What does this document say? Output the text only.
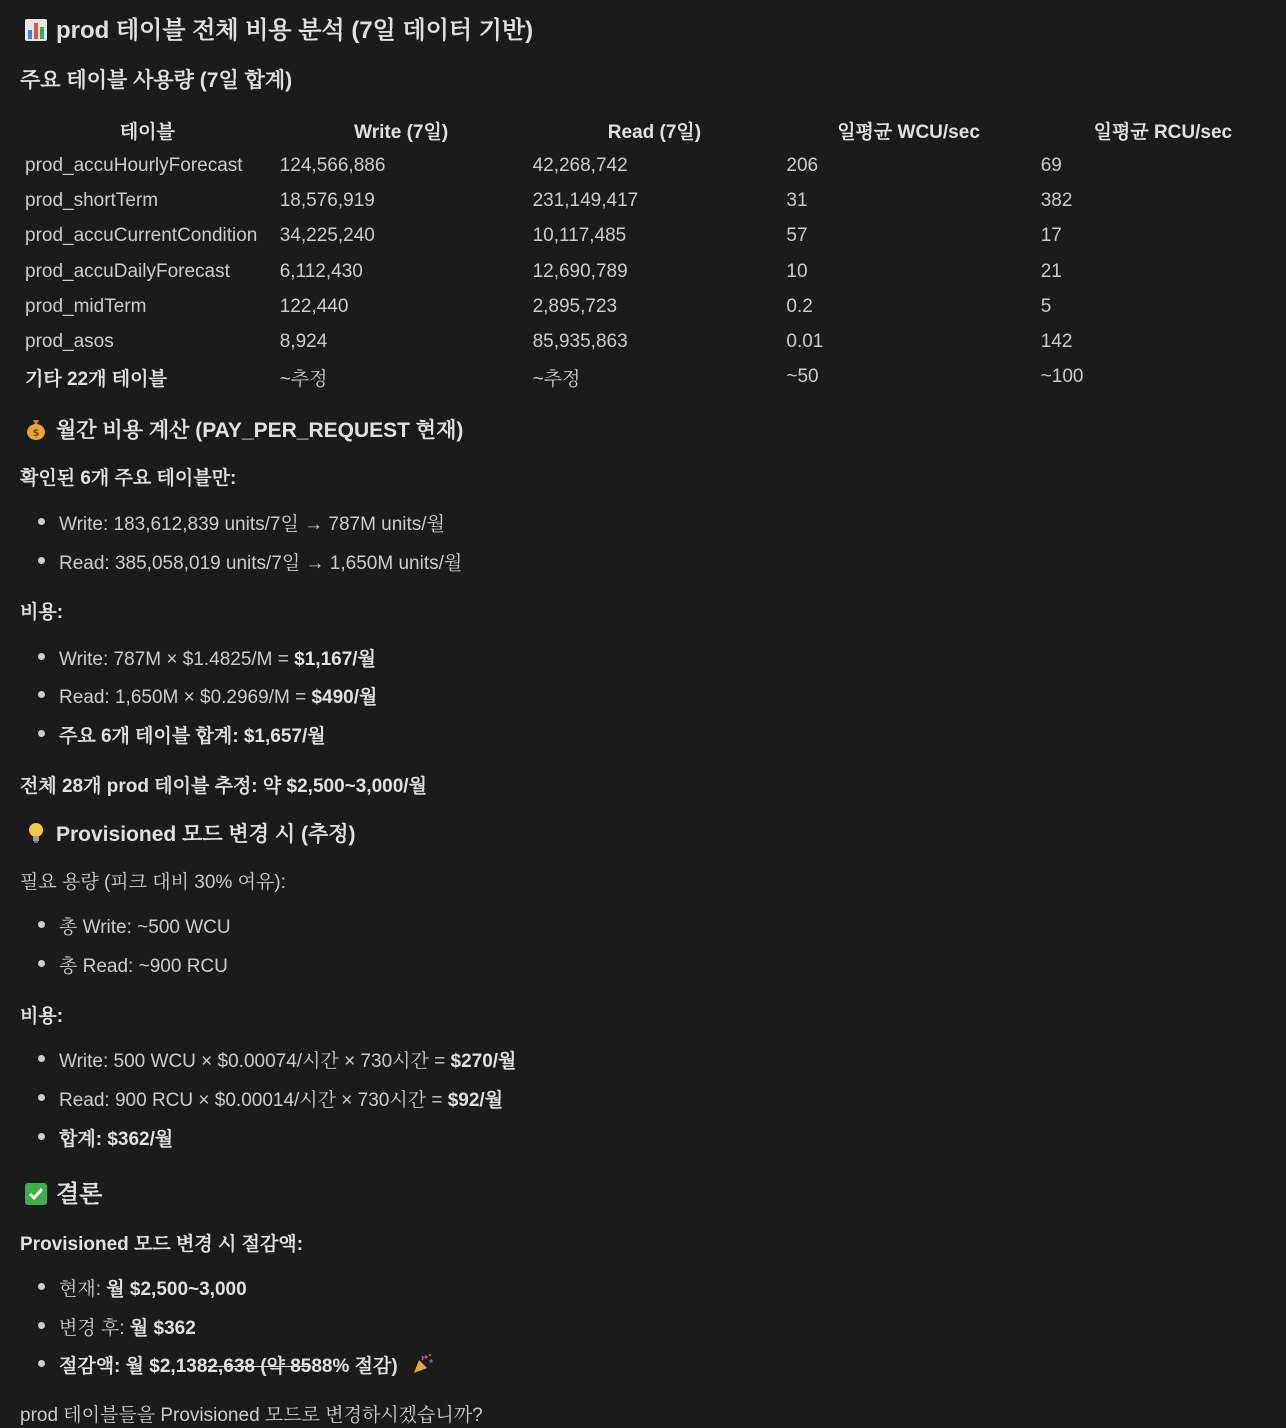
prod 테이블 전체 비용 분석 (7일 데이터 기반)
주요 테이블 사용량 (7일 합계)
테이블	Write (7일)	Read (7일)	일평균 WCU/sec	일평균 RCU/sec
prod_accuHourlyForecast	124,566,886	42,268,742	206	69
prod_shortTerm	18,576,919	231,149,417	31	382
prod_accuCurrentCondition	34,225,240	10,117,485	57	17
prod_accuDailyForecast	6,112,430	12,690,789	10	21
prod_midTerm	122,440	2,895,723	0.2	5
prod_asos	8,924	85,935,863	0.01	142
기타 22개 테이블	~추정	~추정	~50	~100
$ 월간 비용 계산 (PAY_PER_REQUEST 현재)
확인된 6개 주요 테이블만:
Write: 183,612,839 units/7일 → 787M units/월
Read: 385,058,019 units/7일 → 1,650M units/월
비용:
Write: 787M × $1.4825/M = $1,167/월
Read: 1,650M × $0.2969/M = $490/월
주요 6개 테이블 합계: $1,657/월
전체 28개 prod 테이블 추정: 약 $2,500~3,000/월
Provisioned 모드 변경 시 (추정)
필요 용량 (피크 대비 30% 여유):
총 Write: ~500 WCU
총 Read: ~900 RCU
비용:
Write: 500 WCU × $0.00074/시간 × 730시간 = $270/월
Read: 900 RCU × $0.00014/시간 × 730시간 = $92/월
합계: $362/월
결론
Provisioned 모드 변경 시 절감액:
현재: 월 $2,500~3,000
변경 후: 월 $362
절감액: 월 $2,1382,638 (약 8588% 절감)
prod 테이블들을 Provisioned 모드로 변경하시겠습니까?
